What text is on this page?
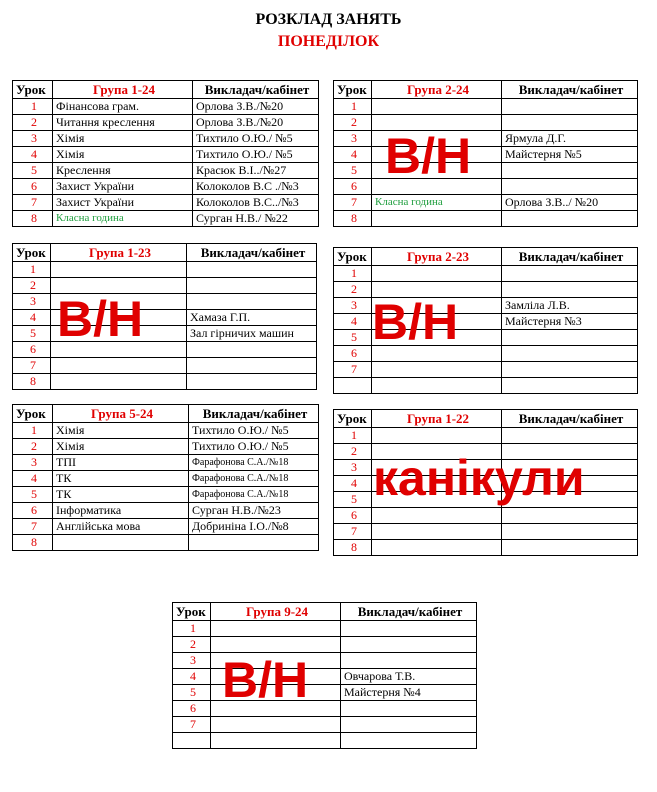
РОЗКЛАД ЗАНЯТЬ
ПОНЕДІЛОК
Урок	Група 1-24	Викладач/кабінет
1	Фінансова грам.	Орлова З.В./№20
2	Читання креслення	Орлова З.В./№20
3	Хімія	Тихтило О.Ю./ №5
4	Хімія	Тихтило О.Ю./ №5
5	Креслення	Красюк В.І../№27
6	Захист України	Колоколов В.С ./№3
7	Захист України	Колоколов В.С../№3
8	Класна година	Сурган Н.В./ №22
Урок	Група 2-24	Викладач/кабінет
1		
2		
3		Ярмула Д.Г.
4		Майстерня №5
5		
6		
7	Класна година	Орлова З.В../ №20
8		
В/Н
Урок	Група 1-23	Викладач/кабінет
1		
2		
3		
4		Хамаза Г.П.
5		Зал гірничих машин
6		
7		
8		
В/Н
Урок	Група 2-23	Викладач/кабінет
1		
2		
3		Замліла Л.В.
4		Майстерня №3
5		
6		
7		

В/Н
Урок	Група 5-24	Викладач/кабінет
1	Хімія	Тихтило О.Ю./ №5
2	Хімія	Тихтило О.Ю./ №5
3	ТПІ	Фарафонова С.А./№18
4	ТК	Фарафонова С.А./№18
5	ТК	Фарафонова С.А./№18
6	Інформатика	Сурган Н.В./№23
7	Англійська мова	Добриніна І.О./№8
8		
Урок	Група 1-22	Викладач/кабінет
1		
2		
3		
4		
5		
6		
7		
8		
канікули
Урок	Група 9-24	Викладач/кабінет
1		
2		
3		
4		Овчарова Т.В.
5		Майстерня №4
6		
7		

В/Н
